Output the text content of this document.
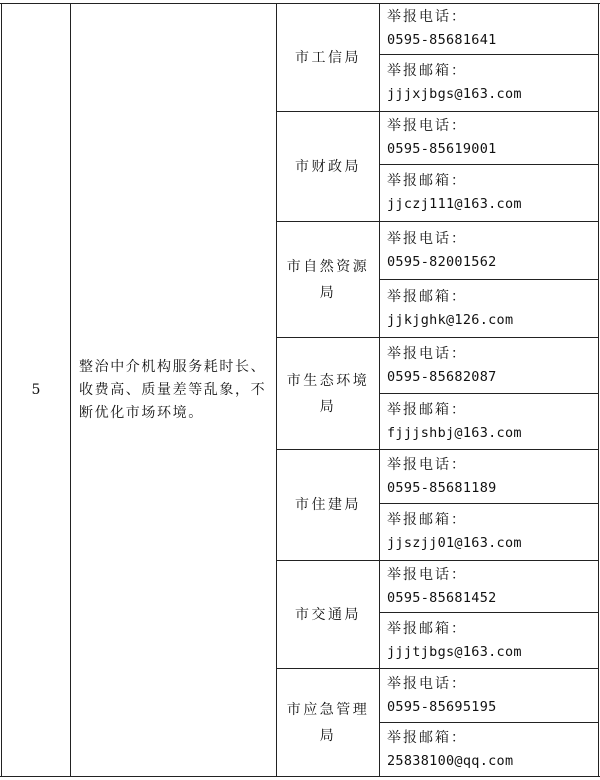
5
整治中介机构服务耗时长、收费高、质量差等乱象，不断优化市场环境。
市工信局
市财政局
市自然资源局
市生态环境局
市住建局
市交通局
市应急管理局
举报电话：
0595-85681641
举报邮箱：
jjjxjbgs@163.com
举报电话：
0595-85619001
举报邮箱：
jjczj111@163.com
举报电话：
0595-82001562
举报邮箱：
jjkjghk@126.com
举报电话：
0595-85682087
举报邮箱：
fjjjshbj@163.com
举报电话：
0595-85681189
举报邮箱：
jjszjj01@163.com
举报电话：
0595-85681452
举报邮箱：
jjjtjbgs@163.com
举报电话：
0595-85695195
举报邮箱：
25838100@qq.com
